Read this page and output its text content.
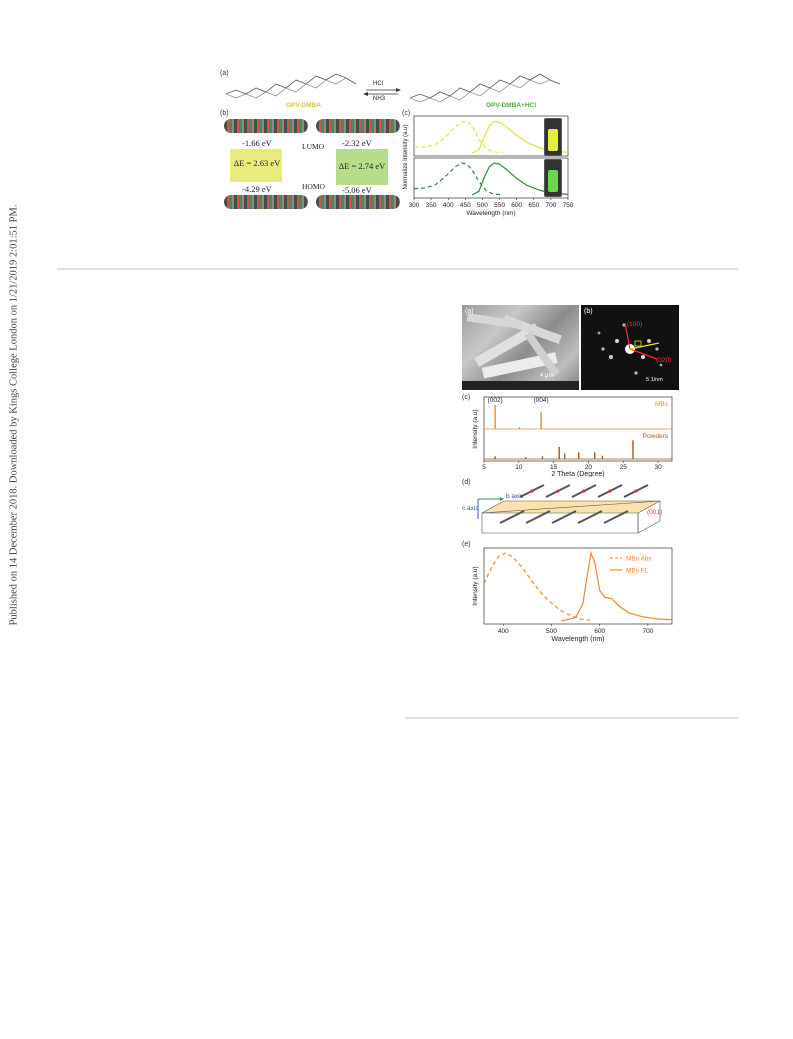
Published on 14 December 2018. Downloaded by Kings College London on 1/21/2019 2:01:51 PM.
(a)
HCl
NH3
OPV-DMBA	OPV-DMBA+HCl
(b)
-1.66 eV
ΔE = 2.63 eV
-4.29 eV
LUMO
HOMO
-2.32 eV
ΔE = 2.74 eV
-5.06 eV
300 350 400 450 500 550 600 650 700 750
Wavelength (nm)
Normalize Intensity (a.u)
(c)
(a)
4 μm
(b)
(100)
(020)
5 1/nm
(002)	(004)
MBs
Powders
5	10	15	20	25	30
2 Theta (Degree)
Intensity (a.u)
(c)
(d)
b axis
c axis
(001)
MBs Abs
MBs FL
400	500	600	700
Wavelength (nm)
Intensity (a.u)
(e)
